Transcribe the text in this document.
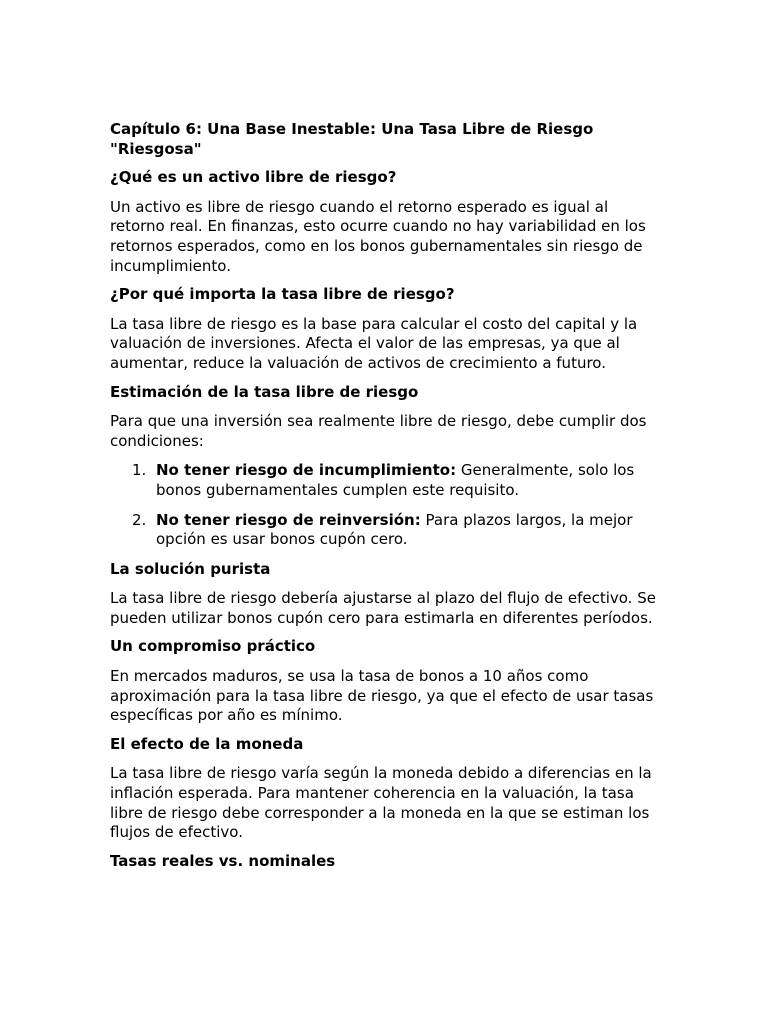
Capítulo 6: Una Base Inestable: Una Tasa Libre de Riesgo "Riesgosa"
¿Qué es un activo libre de riesgo?

Un activo es libre de riesgo cuando el retorno esperado es igual al retorno real. En finanzas, esto ocurre cuando no hay variabilidad en los retornos esperados, como en los bonos gubernamentales sin riesgo de incumplimiento.

¿Por qué importa la tasa libre de riesgo?

La tasa libre de riesgo es la base para calcular el costo del capital y la valuación de inversiones. Afecta el valor de las empresas, ya que al aumentar, reduce la valuación de activos de crecimiento a futuro.

Estimación de la tasa libre de riesgo

Para que una inversión sea realmente libre de riesgo, debe cumplir dos condiciones:

1. No tener riesgo de incumplimiento: Generalmente, solo los bonos gubernamentales cumplen este requisito.
2. No tener riesgo de reinversión: Para plazos largos, la mejor opción es usar bonos cupón cero.
La solución purista

La tasa libre de riesgo debería ajustarse al plazo del flujo de efectivo. Se pueden utilizar bonos cupón cero para estimarla en diferentes períodos.

Un compromiso práctico

En mercados maduros, se usa la tasa de bonos a 10 años como aproximación para la tasa libre de riesgo, ya que el efecto de usar tasas específicas por año es mínimo.

El efecto de la moneda

La tasa libre de riesgo varía según la moneda debido a diferencias en la inflación esperada. Para mantener coherencia en la valuación, la tasa libre de riesgo debe corresponder a la moneda en la que se estiman los flujos de efectivo.

Tasas reales vs. nominales
